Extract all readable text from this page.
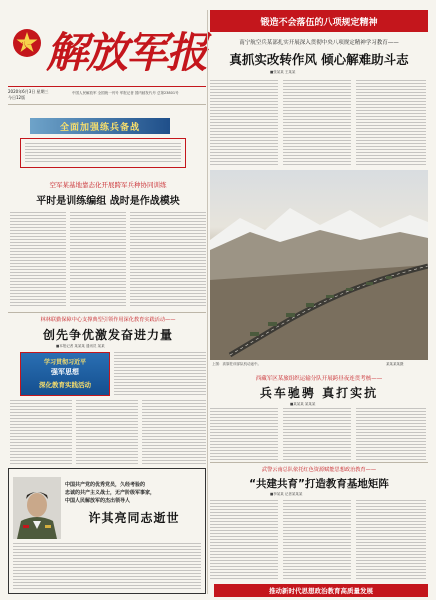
八一 解放军报
2020年6月3日 星期三
今日12版
中国人民解放军 全国统一刊号 军报记者 国内邮发代号 总第23801号
锻造不会落伍的八项规定精神
南宁航空兵某部扎实开展深入贯彻中央八项规定精神学习教育——
真抓实改转作风 倾心解难助斗志
■张某某 王某某
全面加强练兵备战
空军某基地靠态化开展跨军兵种协同训练
平时是训练编组 战时是作战模块
上图：高原驻训部队机动途中。	某某某某摄
林林联勤保障中心支撑典型引领作用深化教育实践活动——
创先争优激发奋进力量
■本报记者 某某某 通讯员 某某
学习贯彻习近平
强军思想
深化教育实践活动
西藏军区某旅组织运输分队开展跨昼夜连贯考核——
兵车驰骋 真打实抗
■某某某 某某某
武警云南总队依托红色资源赋能思想政治教育——
“共建共育”打造教育基地矩阵
■李某某 记者某某某
中国共产党的优秀党员，久经考验的
忠诚的共产主义战士，无产阶级军事家，
中国人民解放军的杰出领导人
许其亮同志逝世
推动新时代思想政治教育高质量发展
